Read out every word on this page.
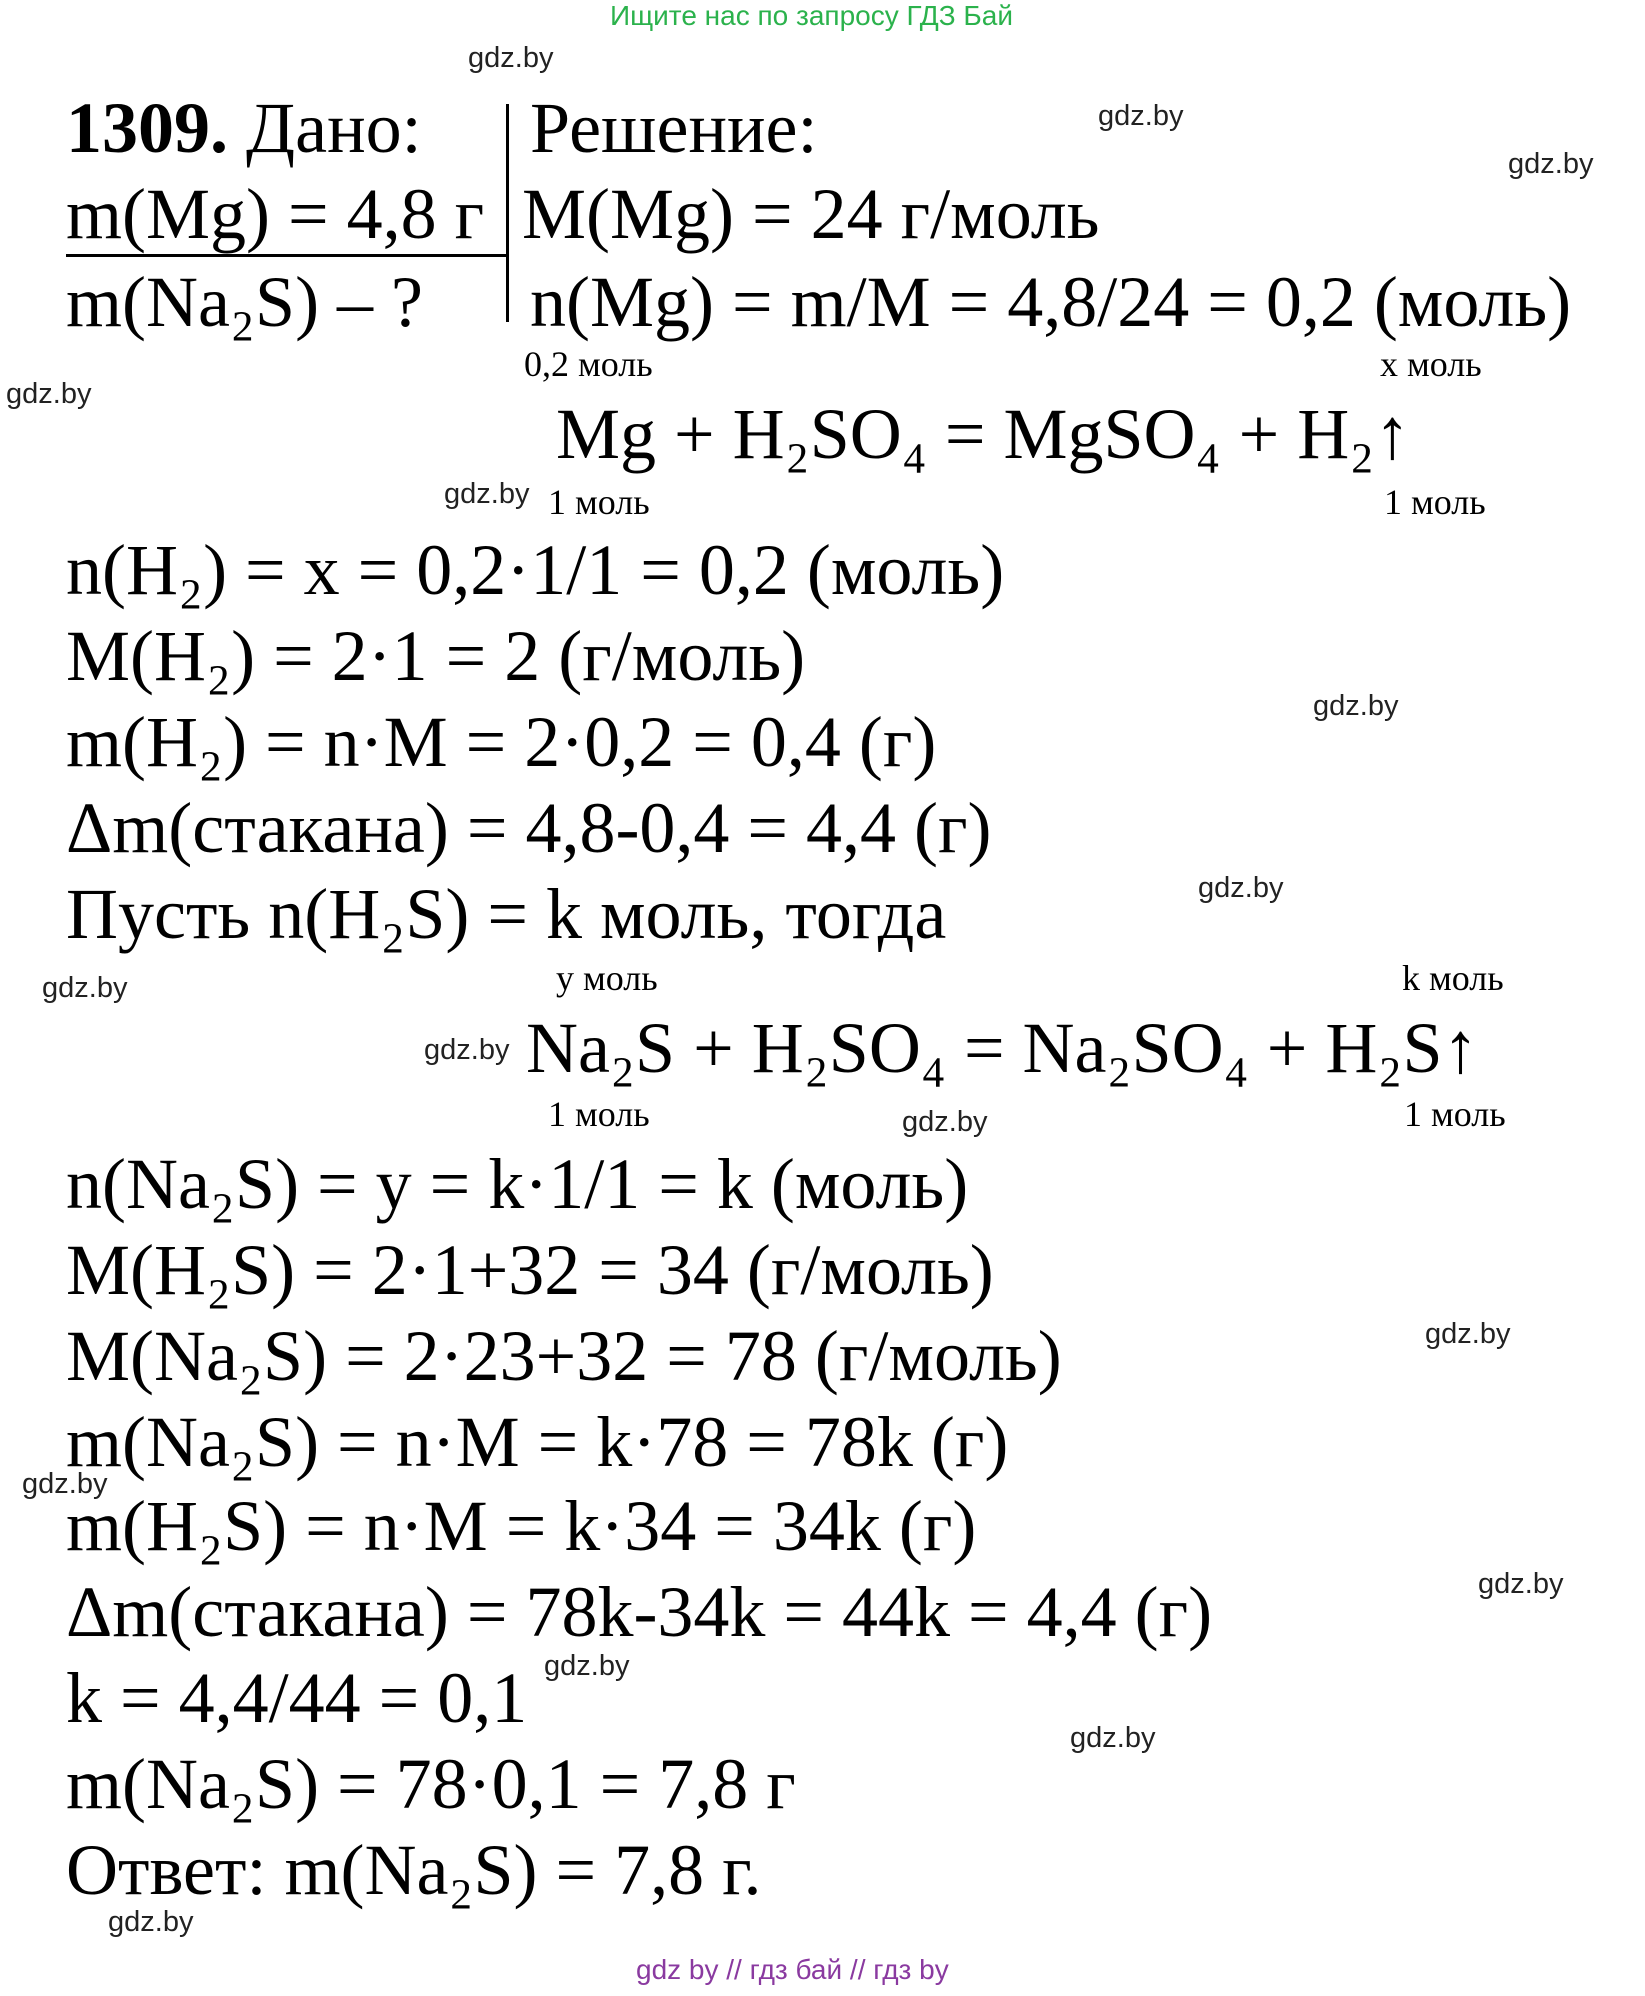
Ищите нас по запросу ГДЗ Бай
gdz.by
gdz.by
gdz.by
gdz.by
gdz.by
gdz.by
gdz.by
gdz.by
gdz.by
gdz.by
gdz.by
gdz.by
gdz.by
gdz.by
gdz.by
gdz.by
1309. Дано: Решение:
m(Mg) = 4,8 г
m(Na₂S) – ?
M(Mg) = 24 г/моль
n(Mg) = m/M = 4,8/24 = 0,2 (моль)
0,2 моль	x моль
Mg + H₂SO₄ = MgSO₄ + H₂↑
1 моль	1 моль
n(H₂) = x = 0,2·1/1 = 0,2 (моль)
M(H₂) = 2·1 = 2 (г/моль)
m(H₂) = n·M = 2·0,2 = 0,4 (г)
Δm(стакана) = 4,8-0,4 = 4,4 (г)
Пусть n(H₂S) = k моль, тогда
y моль	k моль
Na₂S + H₂SO₄ = Na₂SO₄ + H₂S↑
1 моль	1 моль
n(Na₂S) = y = k·1/1 = k (моль)
M(H₂S) = 2·1+32 = 34 (г/моль)
M(Na₂S) = 2·23+32 = 78 (г/моль)
m(Na₂S) = n·M = k·78 = 78k (г)
m(H₂S) = n·M = k·34 = 34k (г)
Δm(стакана) = 78k-34k = 44k = 4,4 (г)
k = 4,4/44 = 0,1
m(Na₂S) = 78·0,1 = 7,8 г
Ответ: m(Na₂S) = 7,8 г.
gdz by // гдз бай // гдз by
